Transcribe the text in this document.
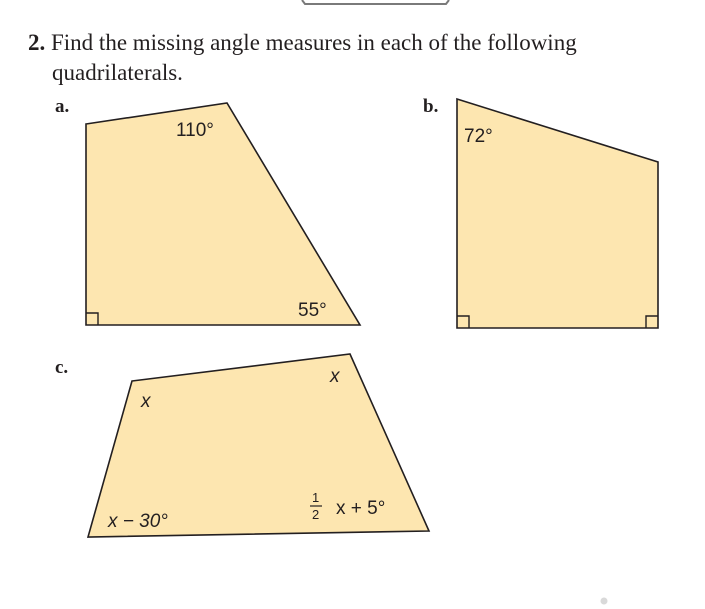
2. Find the missing angle measures in each of the following
quadrilaterals.
a.	b.
c.
110°
55°
72°
x
x
x − 30°
1
2 x + 5°
